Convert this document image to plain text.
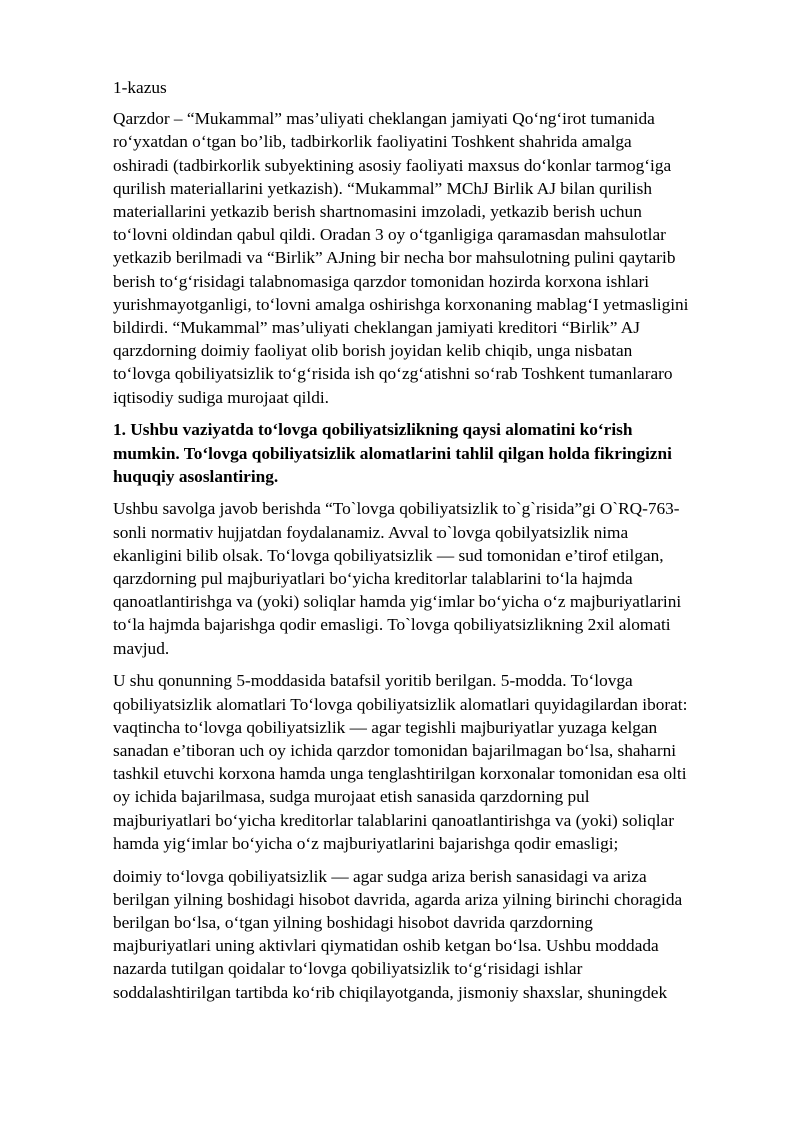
1-kazus

Qarzdor – “Mukammal” mas’uliyati cheklangan jamiyati Qo‘ng‘irot tumanida
ro‘yxatdan o‘tgan bo’lib, tadbirkorlik faoliyatini Toshkent shahrida amalga
oshiradi (tadbirkorlik subyektining asosiy faoliyati maxsus do‘konlar tarmog‘iga
qurilish materiallarini yetkazish). “Mukammal” MChJ Birlik AJ bilan qurilish
materiallarini yetkazib berish shartnomasini imzoladi, yetkazib berish uchun
to‘lovni oldindan qabul qildi. Oradan 3 oy o‘tganligiga qaramasdan mahsulotlar
yetkazib berilmadi va “Birlik” AJning bir necha bor mahsulotning pulini qaytarib
berish to‘g‘risidagi talabnomasiga qarzdor tomonidan hozirda korxona ishlari
yurishmayotganligi, to‘lovni amalga oshirishga korxonaning mablag‘I yetmasligini
bildirdi. “Mukammal” mas’uliyati cheklangan jamiyati kreditori “Birlik” AJ
qarzdorning doimiy faoliyat olib borish joyidan kelib chiqib, unga nisbatan
to‘lovga qobiliyatsizlik to‘g‘risida ish qo‘zg‘atishni so‘rab Toshkent tumanlararo
iqtisodiy sudiga murojaat qildi.

1. Ushbu vaziyatda to‘lovga qobiliyatsizlikning qaysi alomatini ko‘rish
mumkin. To‘lovga qobiliyatsizlik alomatlarini tahlil qilgan holda fikringizni
huquqiy asoslantiring.

Ushbu savolga javob berishda “To`lovga qobiliyatsizlik to`g`risida”gi O`RQ-763-
sonli normativ hujjatdan foydalanamiz. Avval to`lovga qobilyatsizlik nima
ekanligini bilib olsak. To‘lovga qobiliyatsizlik — sud tomonidan e’tirof etilgan,
qarzdorning pul majburiyatlari bo‘yicha kreditorlar talablarini to‘la hajmda
qanoatlantirishga va (yoki) soliqlar hamda yig‘imlar bo‘yicha o‘z majburiyatlarini
to‘la hajmda bajarishga qodir emasligi. To`lovga qobiliyatsizlikning 2xil alomati
mavjud.

U shu qonunning 5-moddasida batafsil yoritib berilgan. 5-modda. To‘lovga
qobiliyatsizlik alomatlari To‘lovga qobiliyatsizlik alomatlari quyidagilardan iborat:
vaqtincha to‘lovga qobiliyatsizlik — agar tegishli majburiyatlar yuzaga kelgan
sanadan e’tiboran uch oy ichida qarzdor tomonidan bajarilmagan bo‘lsa, shaharni
tashkil etuvchi korxona hamda unga tenglashtirilgan korxonalar tomonidan esa olti
oy ichida bajarilmasa, sudga murojaat etish sanasida qarzdorning pul
majburiyatlari bo‘yicha kreditorlar talablarini qanoatlantirishga va (yoki) soliqlar
hamda yig‘imlar bo‘yicha o‘z majburiyatlarini bajarishga qodir emasligi;

doimiy to‘lovga qobiliyatsizlik — agar sudga ariza berish sanasidagi va ariza
berilgan yilning boshidagi hisobot davrida, agarda ariza yilning birinchi choragida
berilgan bo‘lsa, o‘tgan yilning boshidagi hisobot davrida qarzdorning
majburiyatlari uning aktivlari qiymatidan oshib ketgan bo‘lsa. Ushbu moddada
nazarda tutilgan qoidalar to‘lovga qobiliyatsizlik to‘g‘risidagi ishlar
soddalashtirilgan tartibda ko‘rib chiqilayotganda, jismoniy shaxslar, shuningdek
